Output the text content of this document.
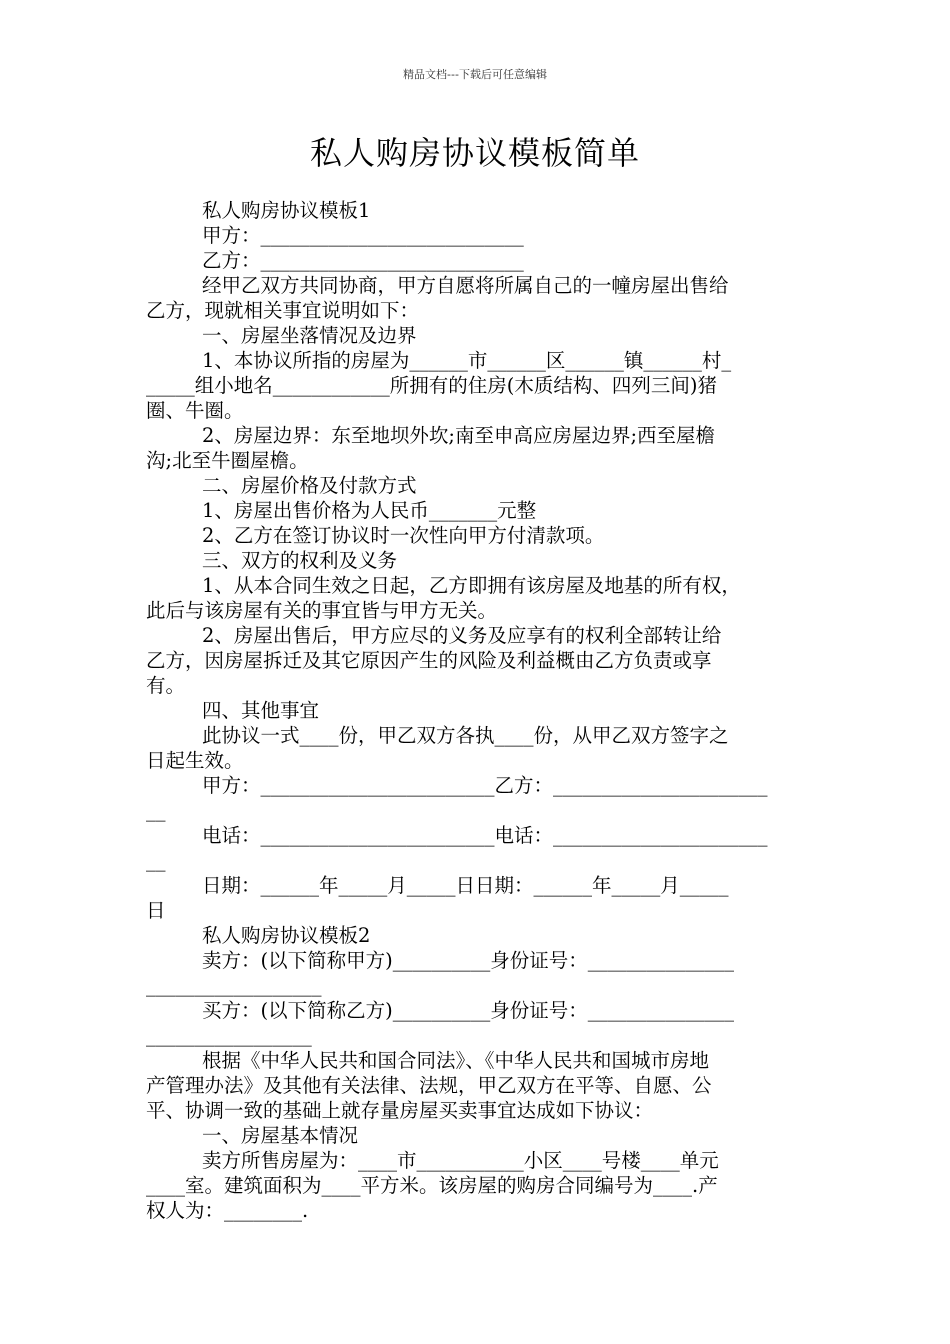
精品文档---下载后可任意编辑
私人购房协议模板简单
私人购房协议模板1
甲方：___________________________
乙方：___________________________
经甲乙双方共同协商，甲方自愿将所属自己的一幢房屋出售给
乙方，现就相关事宜说明如下：
一、房屋坐落情况及边界
1、本协议所指的房屋为______市______区______镇______村_
_____组小地名____________所拥有的住房(木质结构、四列三间)猪
圈、牛圈。
2、房屋边界：东至地坝外坎;南至申高应房屋边界;西至屋檐
沟;北至牛圈屋檐。
二、房屋价格及付款方式
1、房屋出售价格为人民币_______元整
2、乙方在签订协议时一次性向甲方付清款项。
三、双方的权利及义务
1、从本合同生效之日起，乙方即拥有该房屋及地基的所有权，
此后与该房屋有关的事宜皆与甲方无关。
2、房屋出售后，甲方应尽的义务及应享有的权利全部转让给
乙方，因房屋拆迁及其它原因产生的风险及利益概由乙方负责或享
有。
四、其他事宜
此协议一式____份，甲乙双方各执____份，从甲乙双方签字之
日起生效。
甲方：________________________乙方：______________________
__
电话：________________________电话：______________________
__
日期：______年_____月_____日日期：______年_____月_____
日
私人购房协议模板2
卖方：(以下简称甲方)__________身份证号：_______________
__________________
买方：(以下简称乙方)__________身份证号：_______________
_________________
根据《中华人民共和国合同法》、《中华人民共和国城市房地
产管理办法》及其他有关法律、法规，甲乙双方在平等、自愿、公
平、协调一致的基础上就存量房屋买卖事宜达成如下协议：
一、房屋基本情况
卖方所售房屋为：____市___________小区____号楼____单元
____室。建筑面积为____平方米。该房屋的购房合同编号为____.产
权人为：________.
